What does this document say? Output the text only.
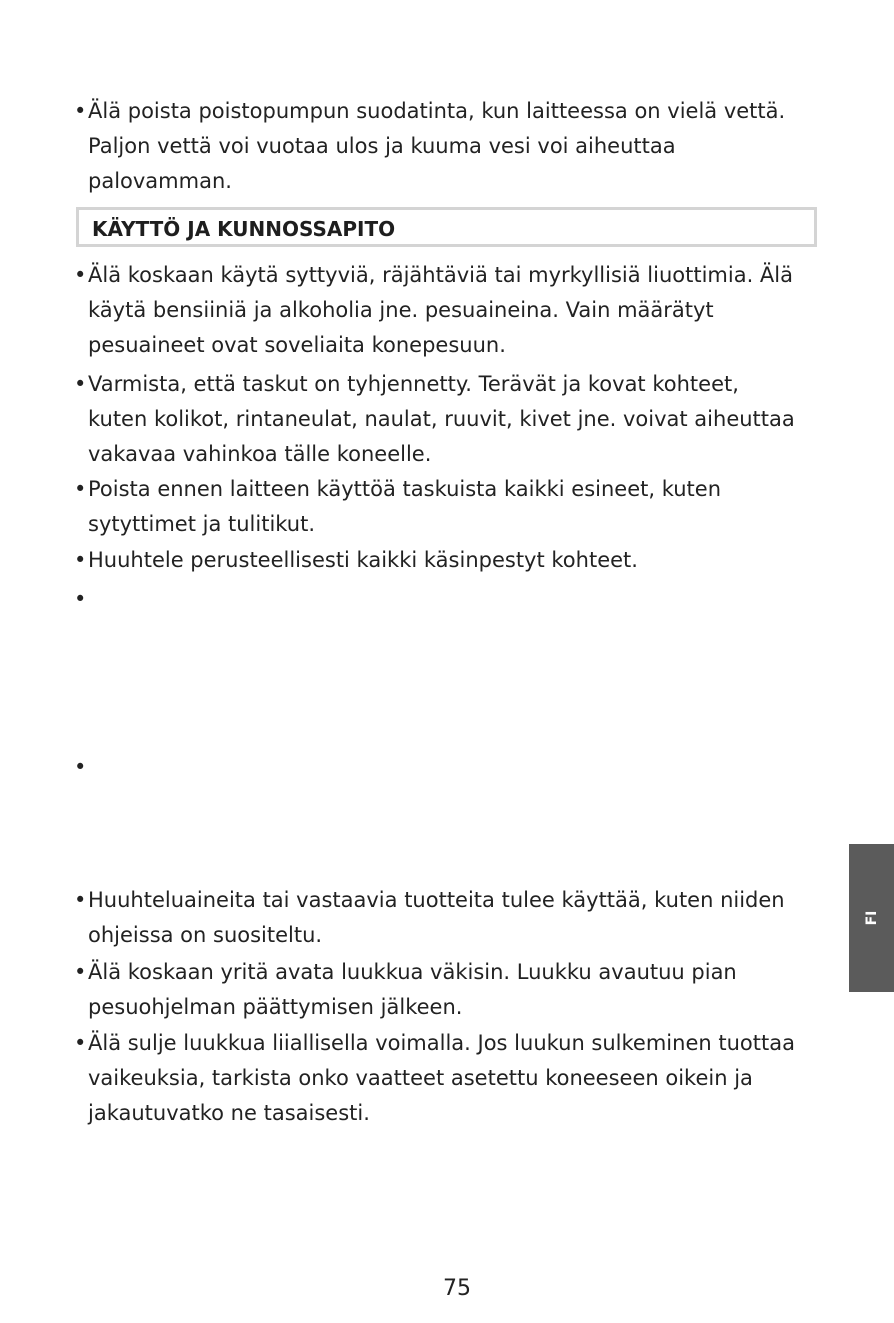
• Älä poista poistopumpun suodatinta, kun laitteessa on vielä vettä. Paljon vettä voi vuotaa ulos ja kuuma vesi voi aiheuttaa palovamman.
KÄYTTÖ JA KUNNOSSAPITO
• Älä koskaan käytä syttyviä, räjähtäviä tai myrkyllisiä liuottimia. Älä käytä bensiiniä ja alkoholia jne. pesuaineina. Vain määrätyt pesuaineet ovat soveliaita konepesuun.
• Varmista, että taskut on tyhjennetty. Terävät ja kovat kohteet, kuten kolikot, rintaneulat, naulat, ruuvit, kivet jne. voivat aiheuttaa vakavaa vahinkoa tälle koneelle.
• Poista ennen laitteen käyttöä taskuista kaikki esineet, kuten sytyttimet ja tulitikut.
• Huuhtele perusteellisesti kaikki käsinpestyt kohteet.
•
•
• Huuhteluaineita tai vastaavia tuotteita tulee käyttää, kuten niiden ohjeissa on suositeltu.
• Älä koskaan yritä avata luukkua väkisin. Luukku avautuu pian pesuohjelman päättymisen jälkeen.
• Älä sulje luukkua liiallisella voimalla. Jos luukun sulkeminen tuottaa vaikeuksia, tarkista onko vaatteet asetettu koneeseen oikein ja jakautuvatko ne tasaisesti.
FI
75
